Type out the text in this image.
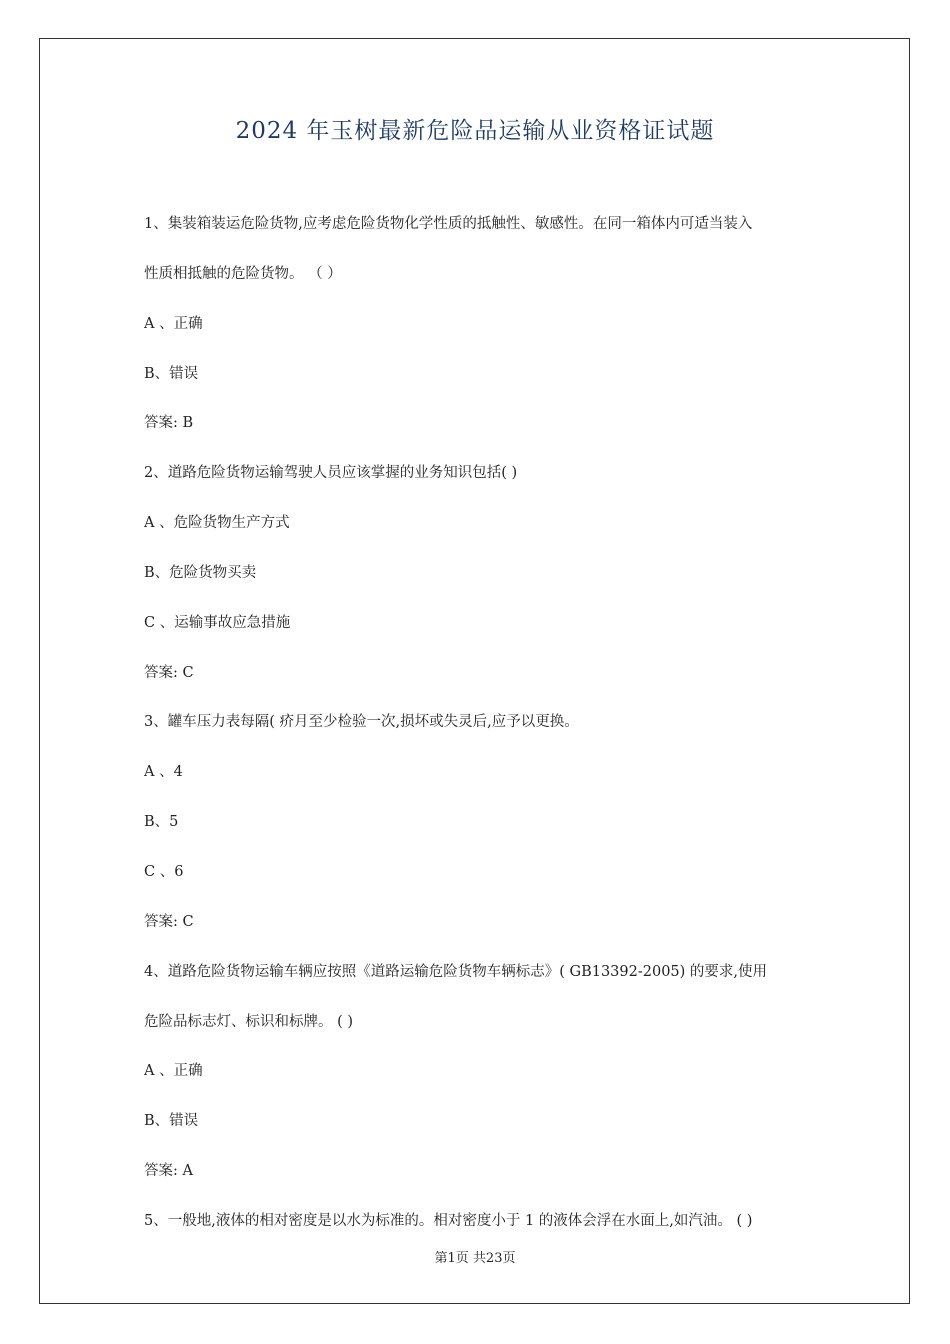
2024 年玉树最新危险品运输从业资格证试题

1、集装箱装运危险货物,应考虑危险货物化学性质的抵触性、敏感性。在同一箱体内可适当装入

性质相抵触的危险货物。 （ ）

A 、正确

B、错误

答案: B

2、道路危险货物运输驾驶人员应该掌握的业务知识包括( )

A 、危险货物生产方式

B、危险货物买卖

C 、运输事故应急措施

答案: C

3、罐车压力表每隔( 疥月至少检验一次,损坏或失灵后,应予以更换。

A 、4

B、5

C 、6

答案: C

4、道路危险货物运输车辆应按照《道路运输危险货物车辆标志》( GB13392-2005) 的要求,使用

危险品标志灯、标识和标牌。 ( )

A 、正确

B、错误

答案: A

5、一般地,液体的相对密度是以水为标准的。相对密度小于 1 的液体会浮在水面上,如汽油。 ( )

第1页 共23页
